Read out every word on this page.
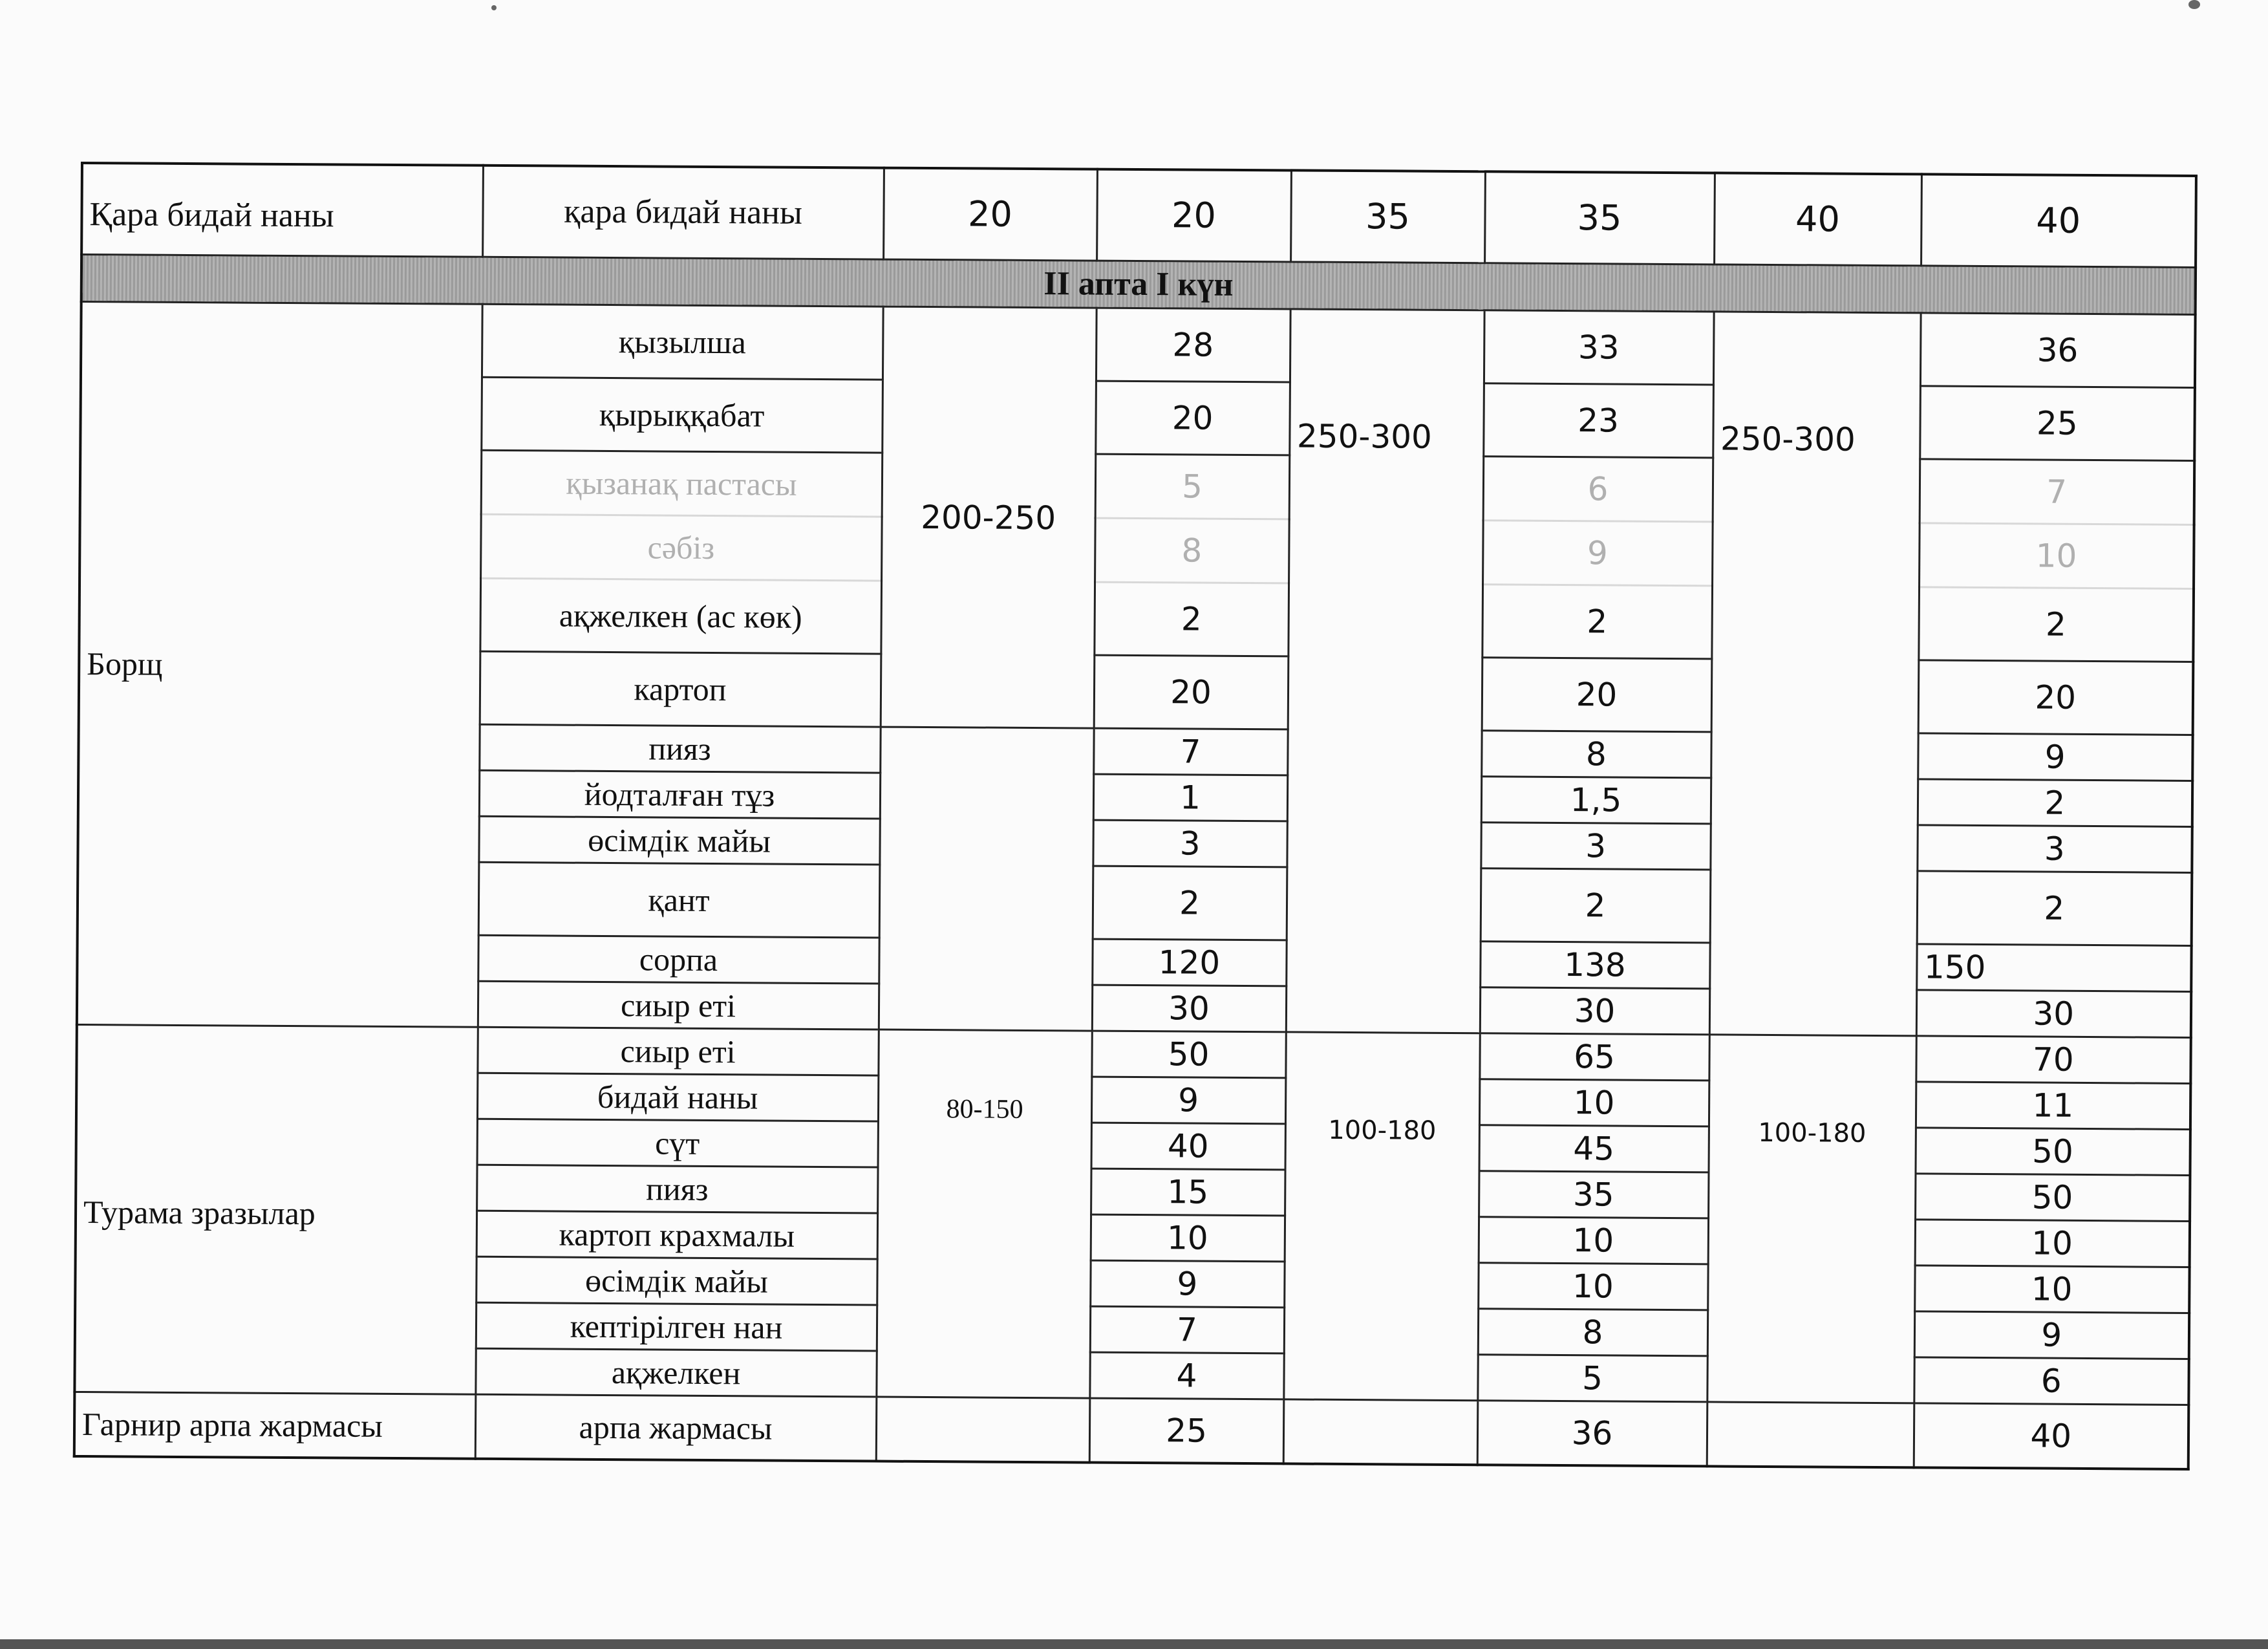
Қара бидай наны	қара бидай наны	20	20	35	35	40	40
II апта I күн							
Борщ	қызылша	200-250	28	250-300	33	250-300	36
	қырыққабат		20		23		25
	қызанақ пастасы		5		6		7
	сәбіз		8		9		10
	ақжелкен (ас көк)		2		2		2
	картоп		20		20		20
	пияз		7		8		9
	йодталған тұз		1		1,5		2
	өсімдік майы		3		3		3
	қант		2		2		2
	сорпа		120		138		150
	сиыр еті		30		30		30
Турама зразылар	сиыр еті	80-150	50	100-180	65	100-180	70
	бидай наны		9		10		11
	сүт		40		45		50
	пияз		15		35		50
	картоп крахмалы		10		10		10
	өсімдік майы		9		10		10
	кептірілген нан		7		8		9
	ақжелкен		4		5		6
Гарнир арпа жармасы	арпа жармасы		25		36		40
